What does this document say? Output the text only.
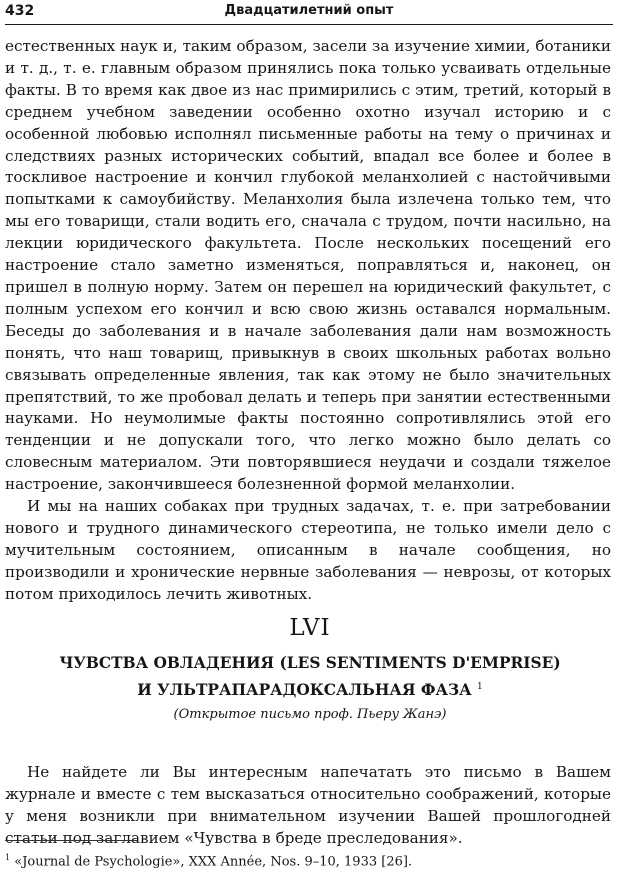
432	Двадцатилетний опыт

естественных наук и, таким образом, засели за изучение химии, ботаники и т. д., т. е. главным образом принялись пока только усваивать отдельные факты. В то время как двое из нас примирились с этим, третий, который в среднем учебном заведении особенно охотно изучал историю и с особенной любовью исполнял письменные работы на тему о причинах и следствиях разных исторических событий, впадал все более и более в тоскливое настроение и кончил глубокой меланхолией с настойчивыми попытками к самоубийству. Меланхолия была излечена только тем, что мы его товарищи, стали водить его, сначала с трудом, почти насильно, на лекции юридического факультета. После нескольких посещений его настроение стало заметно изменяться, поправляться и, наконец, он пришел в полную норму. Затем он перешел на юридический факультет, с полным успехом его кончил и всю свою жизнь оставался нормальным. Беседы до заболевания и в начале заболевания дали нам возможность понять, что наш товарищ, привыкнув в своих школьных работах вольно связывать определенные явления, так как этому не было значительных препятствий, то же пробовал делать и теперь при занятии естественными науками. Но неумолимые факты постоянно сопротивлялись этой его тенденции и не допускали того, что легко можно было делать со словесным материалом. Эти повторявшиеся неудачи и создали тяжелое настроение, закончившееся болезненной формой меланхолии.

И мы на наших собаках при трудных задачах, т. е. при затребовании нового и трудного динамического стереотипа, не только имели дело с мучительным состоянием, описанным в начале сообщения, но производили и хронические нервные заболевания — неврозы, от которых потом приходилось лечить животных.

LVI
ЧУВСТВА ОВЛАДЕНИЯ (LES SENTIMENTS D'EMPRISE)
И УЛЬТРАПАРАДОКСАЛЬНАЯ ФАЗА $^1$
(Открытое письмо проф. Пьеру Жанэ)

Не найдете ли Вы интересным напечатать это письмо в Вашем журнале и вместе с тем высказаться относительно соображений, которые у меня возникли при внимательном изучении Вашей прошлогодней статьи под заглавием «Чувства в бреде преследования».

$^1$ «Journal de Psychologie», XXX Année, Nos. 9–10, 1933 [26].
